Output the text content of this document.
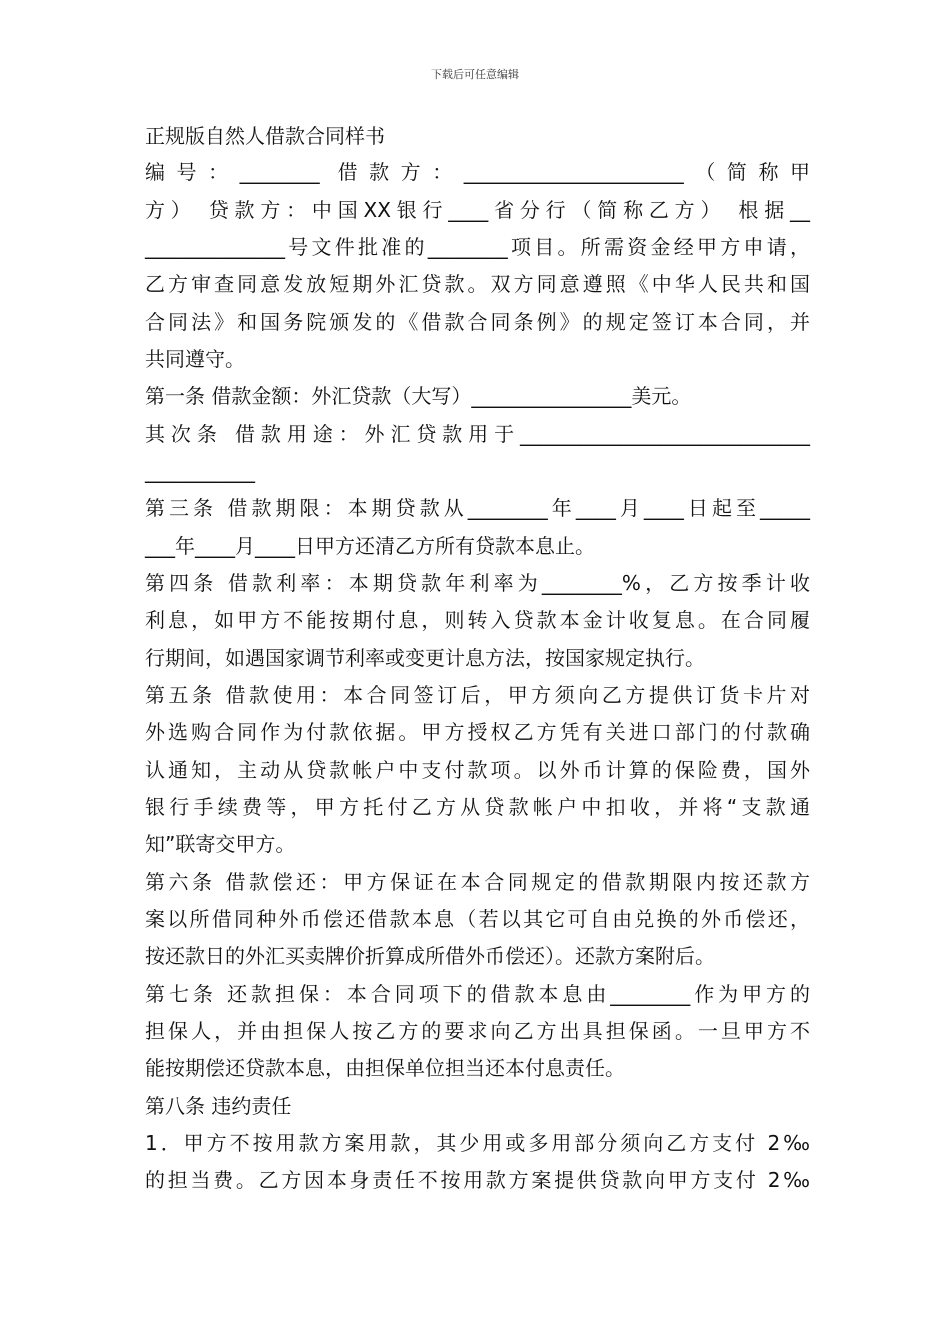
下载后可任意编辑
正规版自然人借款合同样书
编号：________ 借款方：______________________（简称甲
方） 贷款方：中国XX银行____省分行（简称乙方） 根据__
______________号文件批准的________项目。所需资金经甲方申请，
乙方审查同意发放短期外汇贷款。双方同意遵照《中华人民共和国
合同法》和国务院颁发的《借款合同条例》的规定签订本合同，并
共同遵守。
第一条 借款金额：外汇贷款（大写）________________美元。
其次条 借款用途：外汇贷款用于_____________________________
___________
第三条 借款期限：本期贷款从________年____月____日起至_____
___年____月____日甲方还清乙方所有贷款本息止。
第四条 借款利率：本期贷款年利率为________%，乙方按季计收
利息，如甲方不能按期付息，则转入贷款本金计收复息。在合同履
行期间，如遇国家调节利率或变更计息方法，按国家规定执行。
第五条 借款使用：本合同签订后，甲方须向乙方提供订货卡片对
外选购合同作为付款依据。甲方授权乙方凭有关进口部门的付款确
认通知，主动从贷款帐户中支付款项。以外币计算的保险费，国外
银行手续费等，甲方托付乙方从贷款帐户中扣收，并将“支款通
知”联寄交甲方。
第六条 借款偿还：甲方保证在本合同规定的借款期限内按还款方
案以所借同种外币偿还借款本息（若以其它可自由兑换的外币偿还，
按还款日的外汇买卖牌价折算成所借外币偿还）。还款方案附后。
第七条 还款担保：本合同项下的借款本息由________作为甲方的
担保人，并由担保人按乙方的要求向乙方出具担保函。一旦甲方不
能按期偿还贷款本息，由担保单位担当还本付息责任。
第八条 违约责任
1．甲方不按用款方案用款，其少用或多用部分须向乙方支付 2‰
的担当费。乙方因本身责任不按用款方案提供贷款向甲方支付 2‰
